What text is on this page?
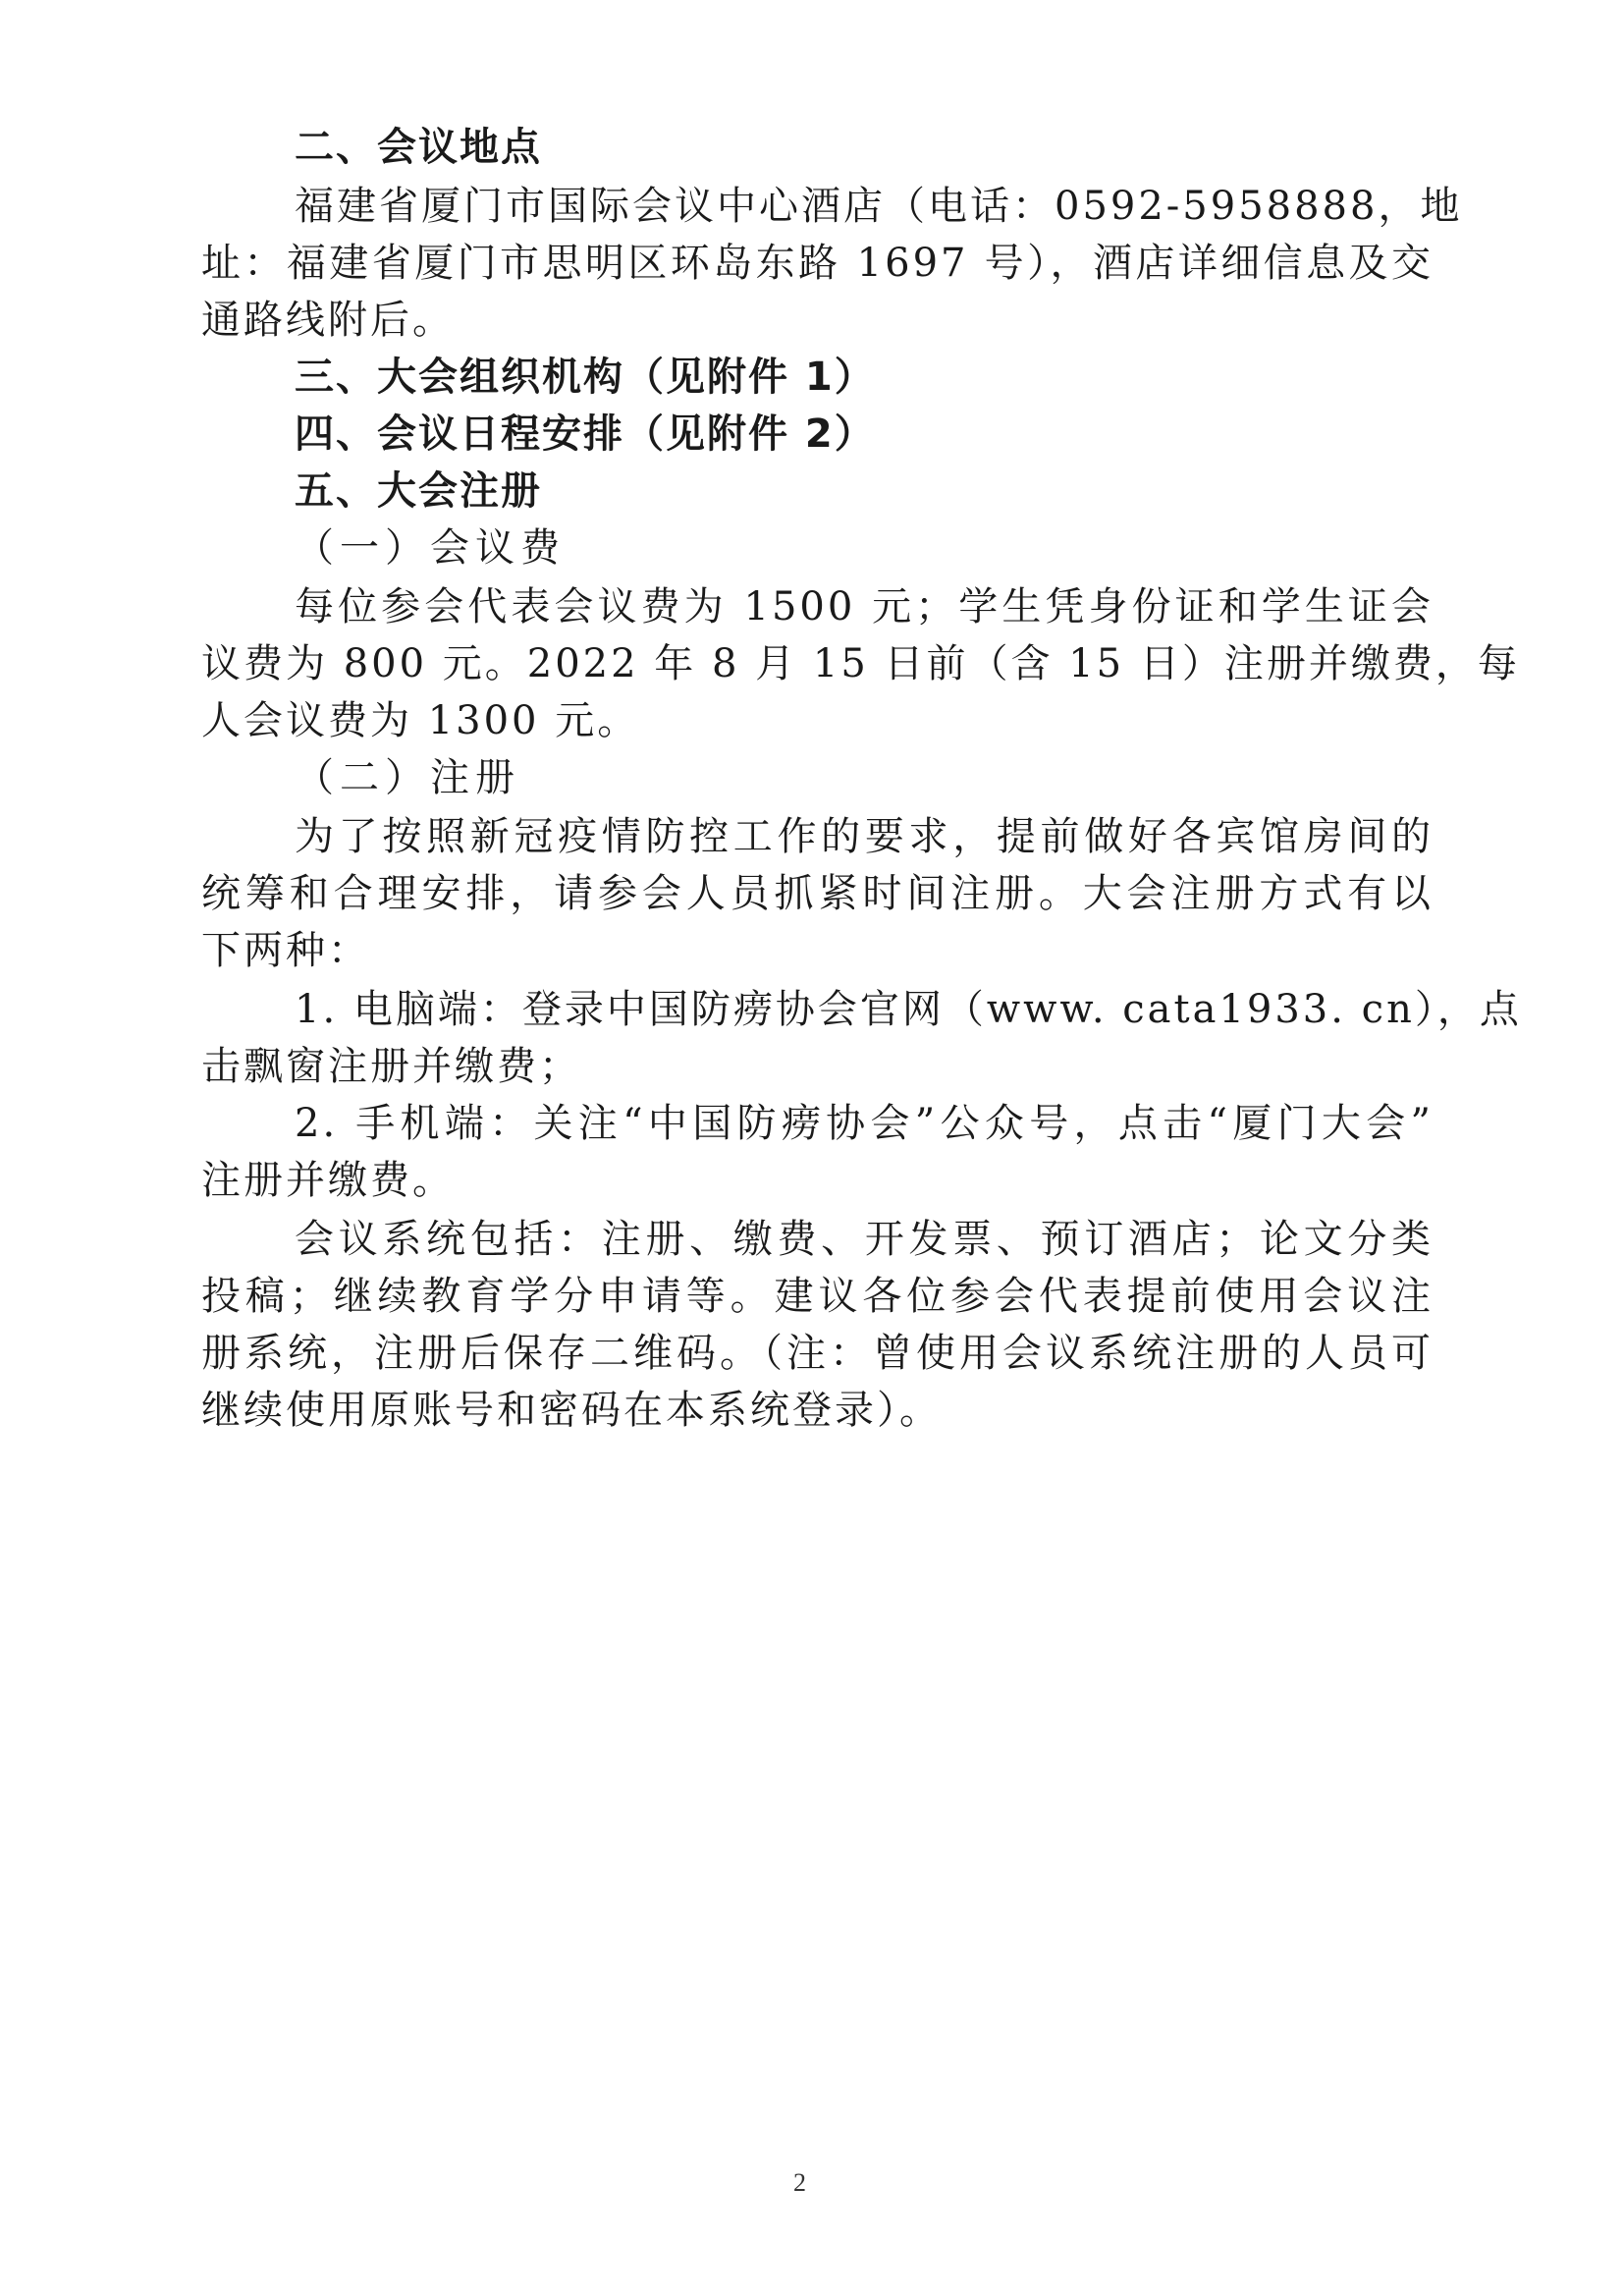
二、会议地点
福建省厦门市国际会议中心酒店（电话：0592-5958888，地
址：福建省厦门市思明区环岛东路 1697 号），酒店详细信息及交
通路线附后。
三、大会组织机构（见附件 1）
四、会议日程安排（见附件 2）
五、大会注册
（一）会议费
每位参会代表会议费为 1500 元；学生凭身份证和学生证会
议费为 800 元。2022 年 8 月 15 日前（含 15 日）注册并缴费，每
人会议费为 1300 元。
（二）注册
为了按照新冠疫情防控工作的要求，提前做好各宾馆房间的
统筹和合理安排，请参会人员抓紧时间注册。大会注册方式有以
下两种：
1. 电脑端：登录中国防痨协会官网（www. cata1933. cn），点
击飘窗注册并缴费；
2. 手机端：关注“中国防痨协会”公众号，点击“厦门大会”
注册并缴费。
会议系统包括：注册、缴费、开发票、预订酒店；论文分类
投稿；继续教育学分申请等。建议各位参会代表提前使用会议注
册系统，注册后保存二维码。（注：曾使用会议系统注册的人员可
继续使用原账号和密码在本系统登录）。
2
